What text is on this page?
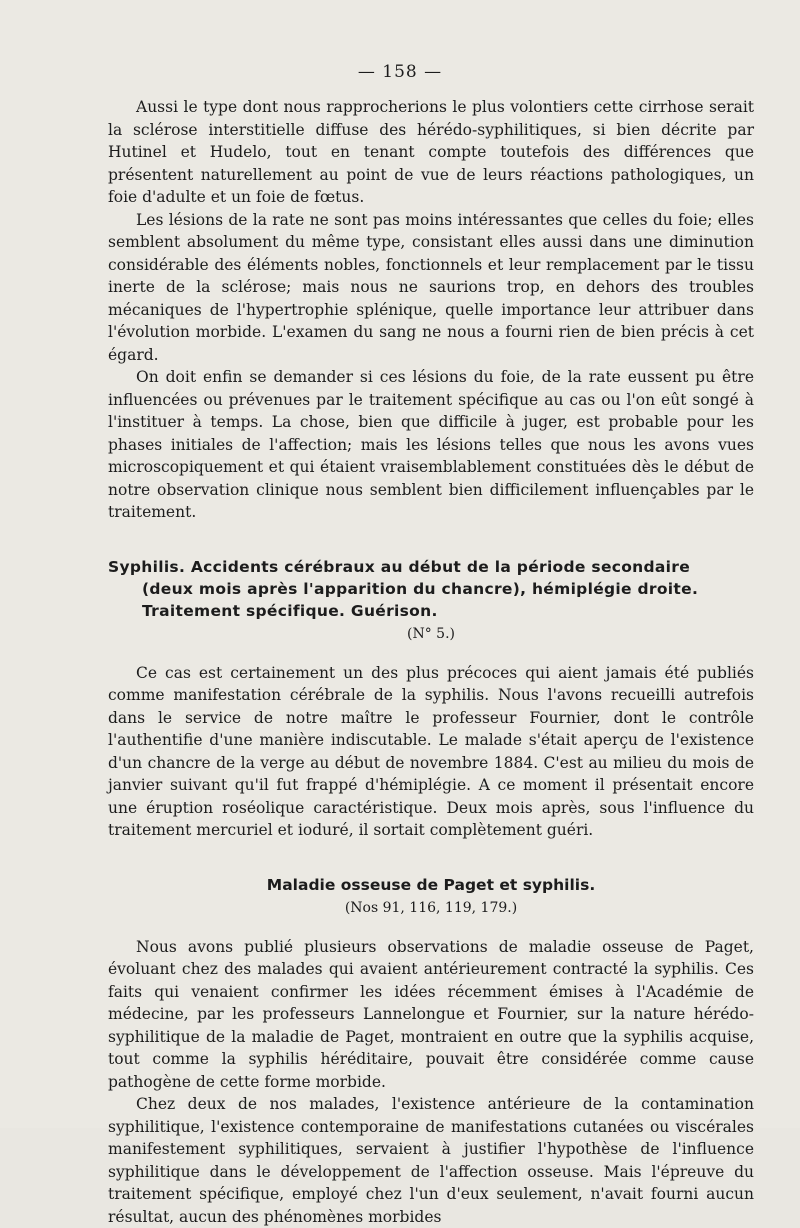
— 158 —

Aussi le type dont nous rapprocherions le plus volontiers cette cirrhose serait la sclérose interstitielle diffuse des hérédo-syphilitiques, si bien décrite par Hutinel et Hudelo, tout en tenant compte toutefois des différences que présentent naturellement au point de vue de leurs réactions pathologiques, un foie d'adulte et un foie de fœtus.

Les lésions de la rate ne sont pas moins intéressantes que celles du foie; elles semblent absolument du même type, consistant elles aussi dans une diminution considérable des éléments nobles, fonctionnels et leur remplacement par le tissu inerte de la sclérose; mais nous ne saurions trop, en dehors des troubles mécaniques de l'hypertrophie splénique, quelle importance leur attribuer dans l'évolution morbide. L'examen du sang ne nous a fourni rien de bien précis à cet égard.

On doit enfin se demander si ces lésions du foie, de la rate eussent pu être influencées ou prévenues par le traitement spécifique au cas ou l'on eût songé à l'instituer à temps. La chose, bien que difficile à juger, est probable pour les phases initiales de l'affection; mais les lésions telles que nous les avons vues microscopiquement et qui étaient vraisemblablement constituées dès le début de notre observation clinique nous semblent bien difficilement influençables par le traitement.

Syphilis. Accidents cérébraux au début de la période secondaire

(deux mois après l'apparition du chancre), hémiplégie droite.

Traitement spécifique. Guérison.

(N° 5.)

Ce cas est certainement un des plus précoces qui aient jamais été publiés comme manifestation cérébrale de la syphilis. Nous l'avons recueilli autrefois dans le service de notre maître le professeur Fournier, dont le contrôle l'authentifie d'une manière indiscutable. Le malade s'était aperçu de l'existence d'un chancre de la verge au début de novembre 1884. C'est au milieu du mois de janvier suivant qu'il fut frappé d'hémiplégie. A ce moment il présentait encore une éruption roséolique caractéristique. Deux mois après, sous l'influence du traitement mercuriel et ioduré, il sortait complètement guéri.

Maladie osseuse de Paget et syphilis.

(Nos 91, 116, 119, 179.)

Nous avons publié plusieurs observations de maladie osseuse de Paget, évoluant chez des malades qui avaient antérieurement contracté la syphilis. Ces faits qui venaient confirmer les idées récemment émises à l'Académie de médecine, par les professeurs Lannelongue et Fournier, sur la nature hérédo-syphilitique de la maladie de Paget, montraient en outre que la syphilis acquise, tout comme la syphilis héréditaire, pouvait être considérée comme cause pathogène de cette forme morbide.

Chez deux de nos malades, l'existence antérieure de la contamination syphilitique, l'existence contemporaine de manifestations cutanées ou viscérales manifestement syphilitiques, servaient à justifier l'hypothèse de l'influence syphilitique dans le développement de l'affection osseuse. Mais l'épreuve du traitement spécifique, employé chez l'un d'eux seulement, n'avait fourni aucun résultat, aucun des phénomènes morbides
